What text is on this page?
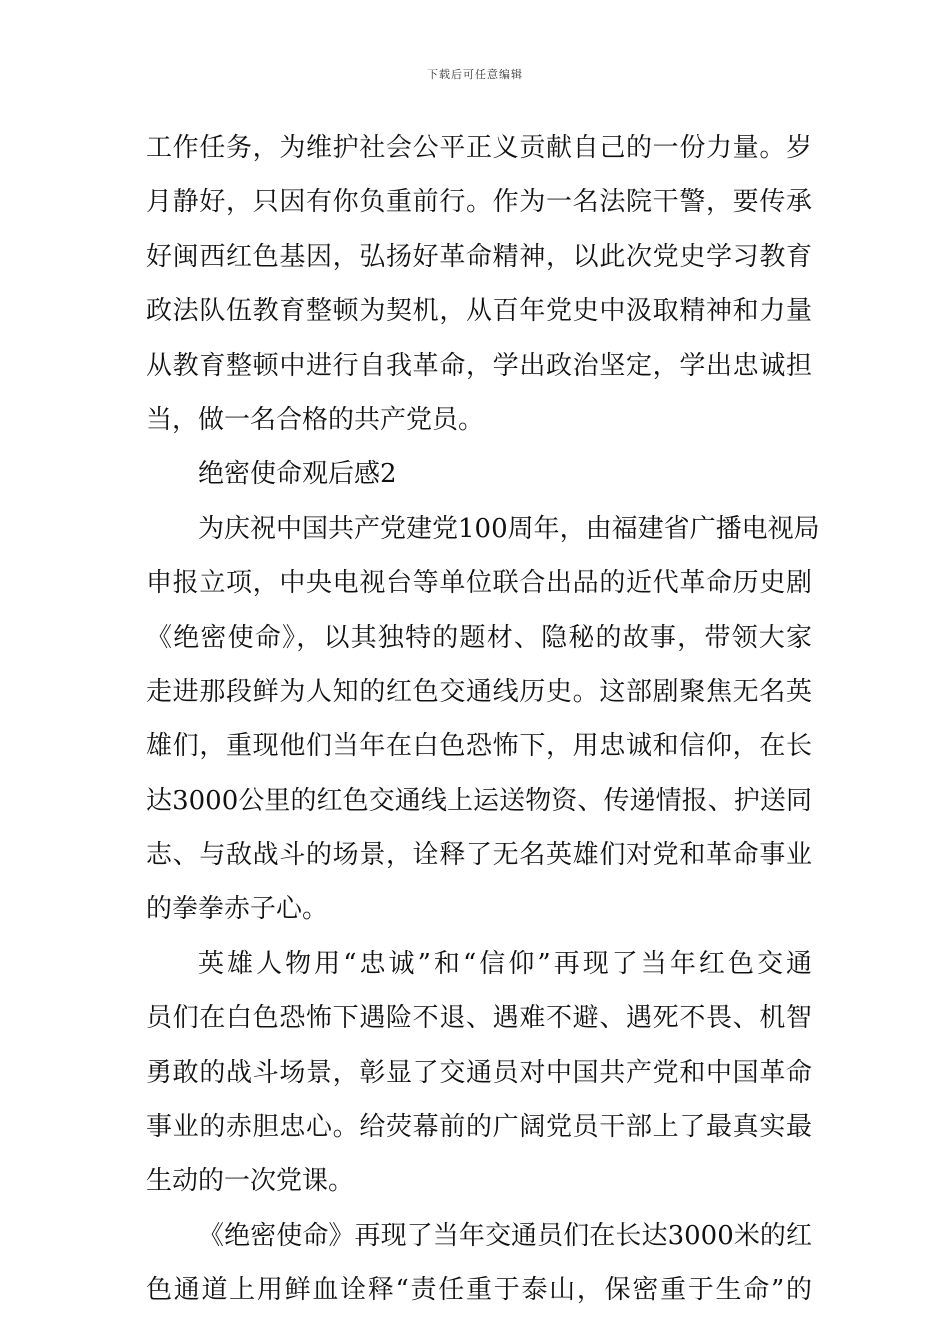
下载后可任意编辑
工作任务，为维护社会公平正义贡献自己的一份力量。岁
月静好，只因有你负重前行。作为一名法院干警，要传承
好闽西红色基因，弘扬好革命精神，以此次党史学习教育
政法队伍教育整顿为契机，从百年党史中汲取精神和力量
从教育整顿中进行自我革命，学出政治坚定，学出忠诚担
当，做一名合格的共产党员。
绝密使命观后感2
为庆祝中国共产党建党100周年，由福建省广播电视局
申报立项，中央电视台等单位联合出品的近代革命历史剧
《绝密使命》，以其独特的题材、隐秘的故事，带领大家
走进那段鲜为人知的红色交通线历史。这部剧聚焦无名英
雄们，重现他们当年在白色恐怖下，用忠诚和信仰，在长
达3000公里的红色交通线上运送物资、传递情报、护送同
志、与敌战斗的场景，诠释了无名英雄们对党和革命事业
的拳拳赤子心。
英雄人物用“忠诚”和“信仰”再现了当年红色交通
员们在白色恐怖下遇险不退、遇难不避、遇死不畏、机智
勇敢的战斗场景，彰显了交通员对中国共产党和中国革命
事业的赤胆忠心。给荧幕前的广阔党员干部上了最真实最
生动的一次党课。
《绝密使命》再现了当年交通员们在长达3000米的红
色通道上用鲜血诠释“责任重于泰山，保密重于生命”的
